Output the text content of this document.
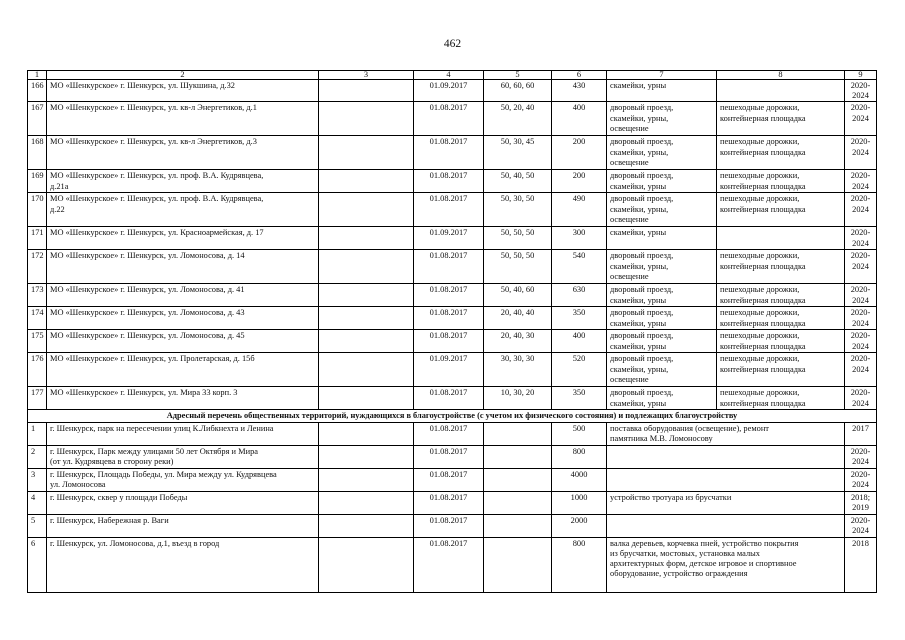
462
1	2	3	4	5	6	7	8	9
166	МО «Шенкурское» г. Шенкурск, ул. Шукшина, д.32		01.09.2017	60, 60, 60	430	скамейки, урны		2020-
2024
167	МО «Шенкурское» г. Шенкурск, ул. кв-л Энергетиков, д.1		01.08.2017	50, 20, 40	400	дворовый проезд,
скамейки, урны,
освещение	пешеходные дорожки,
контейнерная площадка	2020-
2024
168	МО «Шенкурское» г. Шенкурск, ул. кв-л Энергетиков, д.3		01.08.2017	50, 30, 45	200	дворовый проезд,
скамейки, урны,
освещение	пешеходные дорожки,
контейнерная площадка	2020-
2024
169	МО «Шенкурское» г. Шенкурск, ул. проф. В.А. Кудрявцева,
д.21а		01.08.2017	50, 40, 50	200	дворовый проезд,
скамейки, урны	пешеходные дорожки,
контейнерная площадка	2020-
2024
170	МО «Шенкурское» г. Шенкурск, ул. проф. В.А. Кудрявцева,
д.22		01.08.2017	50, 30, 50	490	дворовый проезд,
скамейки, урны,
освещение	пешеходные дорожки,
контейнерная площадка	2020-
2024
171	МО «Шенкурское» г. Шенкурск, ул. Красноармейская, д. 17		01.09.2017	50, 50, 50	300	скамейки, урны		2020-
2024
172	МО «Шенкурское» г. Шенкурск, ул. Ломоносова, д. 14		01.08.2017	50, 50, 50	540	дворовый проезд,
скамейки, урны,
освещение	пешеходные дорожки,
контейнерная площадка	2020-
2024
173	МО «Шенкурское» г. Шенкурск, ул. Ломоносова, д. 41		01.08.2017	50, 40, 60	630	дворовый проезд,
скамейки, урны	пешеходные дорожки,
контейнерная площадка	2020-
2024
174	МО «Шенкурское» г. Шенкурск, ул. Ломоносова, д. 43		01.08.2017	20, 40, 40	350	дворовый проезд,
скамейки, урны	пешеходные дорожки,
контейнерная площадка	2020-
2024
175	МО «Шенкурское» г. Шенкурск, ул. Ломоносова, д. 45		01.08.2017	20, 40, 30	400	дворовый проезд,
скамейки, урны	пешеходные дорожки,
контейнерная площадка	2020-
2024
176	МО «Шенкурское» г. Шенкурск, ул. Пролетарская, д. 15б		01.09.2017	30, 30, 30	520	дворовый проезд,
скамейки, урны,
освещение	пешеходные дорожки,
контейнерная площадка	2020-
2024
177	МО «Шенкурское» г. Шенкурск, ул. Мира 33 корп. 3		01.08.2017	10, 30, 20	350	дворовый проезд,
скамейки, урны	пешеходные дорожки,
контейнерная площадка	2020-
2024
Адресный перечень общественных территорий, нуждающихся в благоустройстве (с учетом их физического состояния) и подлежащих благоустройству								
1	г. Шенкурск, парк на пересечении улиц К.Либкнехта и Ленина		01.08.2017		500	поставка оборудования (освещение), ремонт
памятника М.В. Ломоносову		2017
2	г. Шенкурск, Парк между улицами 50 лет Октября и Мира
(от ул. Кудрявцева в сторону реки)		01.08.2017		800			2020-
2024
3	г. Шенкурск, Площадь Победы, ул. Мира между ул. Кудрявцева
ул. Ломоносова		01.08.2017		4000			2020-
2024
4	г. Шенкурск, сквер у площади Победы		01.08.2017		1000	устройство тротуара из брусчатки		2018;
2019
5	г. Шенкурск, Набережная р. Ваги		01.08.2017		2000			2020-
2024
6	г. Шенкурск, ул. Ломоносова, д.1, въезд в город		01.08.2017		800	валка деревьев, корчевка пней, устройство покрытия
из брусчатки, мостовых, установка малых
архитектурных форм, детское игровое и спортивное
оборудование, устройство ограждения		2018
